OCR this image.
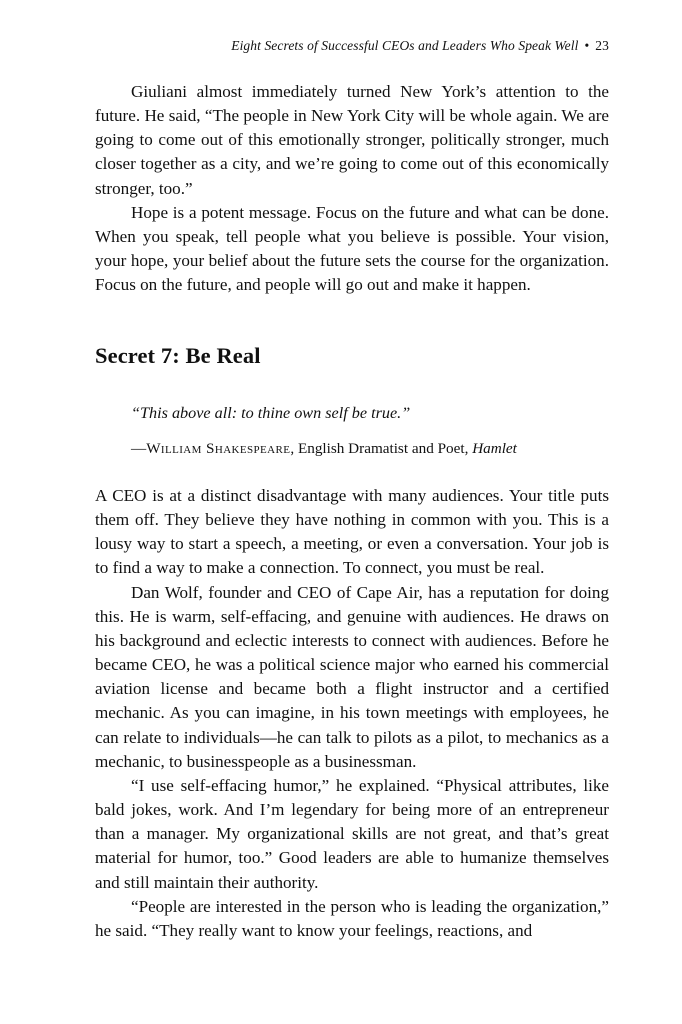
Eight Secrets of Successful CEOs and Leaders Who Speak Well • 23

Giuliani almost immediately turned New York’s attention to the future. He said, “The people in New York City will be whole again. We are going to come out of this emotionally stronger, politically stronger, much closer together as a city, and we’re going to come out of this economically stronger, too.”

Hope is a potent message. Focus on the future and what can be done. When you speak, tell people what you believe is possible. Your vision, your hope, your belief about the future sets the course for the organization. Focus on the future, and people will go out and make it happen.

Secret 7: Be Real

“This above all: to thine own self be true.”

—William Shakespeare, English Dramatist and Poet, Hamlet

A CEO is at a distinct disadvantage with many audiences. Your title puts them off. They believe they have nothing in common with you. This is a lousy way to start a speech, a meeting, or even a conversation. Your job is to find a way to make a connection. To connect, you must be real.

Dan Wolf, founder and CEO of Cape Air, has a reputation for doing this. He is warm, self-effacing, and genuine with audiences. He draws on his background and eclectic interests to connect with audiences. Before he became CEO, he was a political science major who earned his commercial aviation license and became both a flight instructor and a certified mechanic. As you can imagine, in his town meetings with employees, he can relate to individuals—he can talk to pilots as a pilot, to mechanics as a mechanic, to businesspeople as a businessman.

“I use self-effacing humor,” he explained. “Physical attributes, like bald jokes, work. And I’m legendary for being more of an entrepreneur than a manager. My organizational skills are not great, and that’s great material for humor, too.” Good leaders are able to humanize themselves and still maintain their authority.

“People are interested in the person who is leading the organization,” he said. “They really want to know your feelings, reactions, and
